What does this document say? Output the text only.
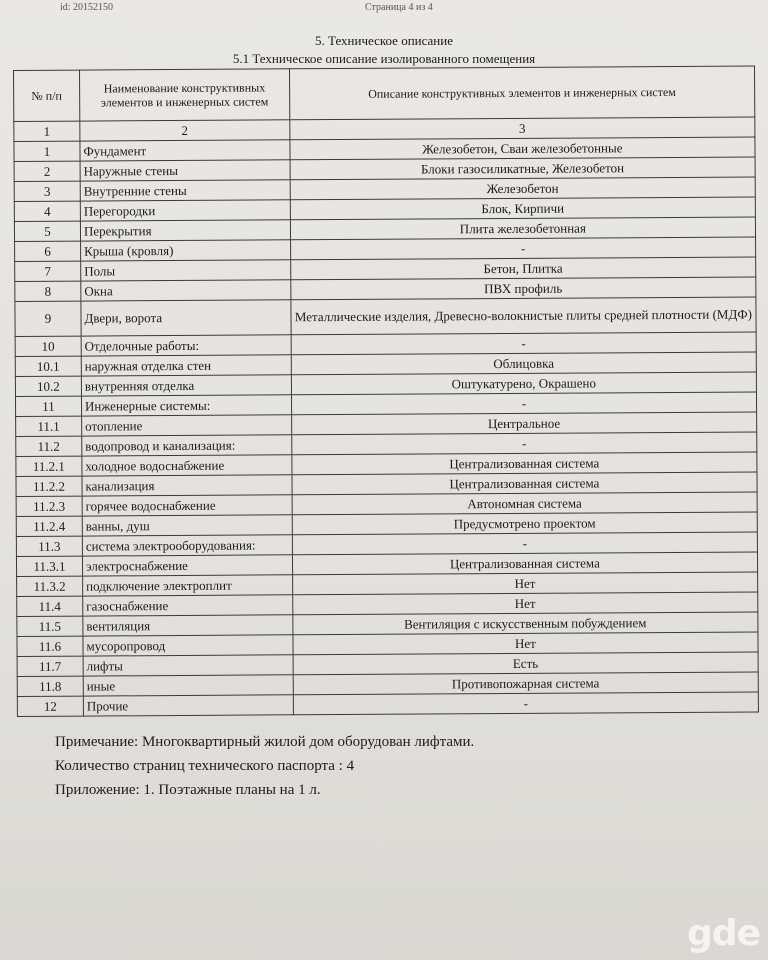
id: 20152150	Страница 4 из 4
5. Техническое описание
5.1 Техническое описание изолированного помещения
№ п/п	Наименование конструктивных элементов и инженерных систем	Описание конструктивных элементов и инженерных систем
1	2	3
1	Фундамент	Железобетон, Сваи железобетонные
2	Наружные стены	Блоки газосиликатные, Железобетон
3	Внутренние стены	Железобетон
4	Перегородки	Блок, Кирпичи
5	Перекрытия	Плита железобетонная
6	Крыша (кровля)	-
7	Полы	Бетон, Плитка
8	Окна	ПВХ профиль
9	Двери, ворота	Металлические изделия, Древесно-волокнистые плиты средней плотности (МДФ)
10	Отделочные работы:	-
10.1	наружная отделка стен	Облицовка
10.2	внутренняя отделка	Оштукатурено, Окрашено
11	Инженерные системы:	-
11.1	отопление	Центральное
11.2	водопровод и канализация:	-
11.2.1	холодное водоснабжение	Централизованная система
11.2.2	канализация	Централизованная система
11.2.3	горячее водоснабжение	Автономная система
11.2.4	ванны, душ	Предусмотрено проектом
11.3	система электрооборудования:	-
11.3.1	электроснабжение	Централизованная система
11.3.2	подключение электроплит	Нет
11.4	газоснабжение	Нет
11.5	вентиляция	Вентиляция с искусственным побуждением
11.6	мусоропровод	Нет
11.7	лифты	Есть
11.8	иные	Противопожарная система
12	Прочие	-
Примечание: Многоквартирный жилой дом оборудован лифтами.
Количество страниц технического паспорта : 4
Приложение: 1. Поэтажные планы на 1 л.
gde
